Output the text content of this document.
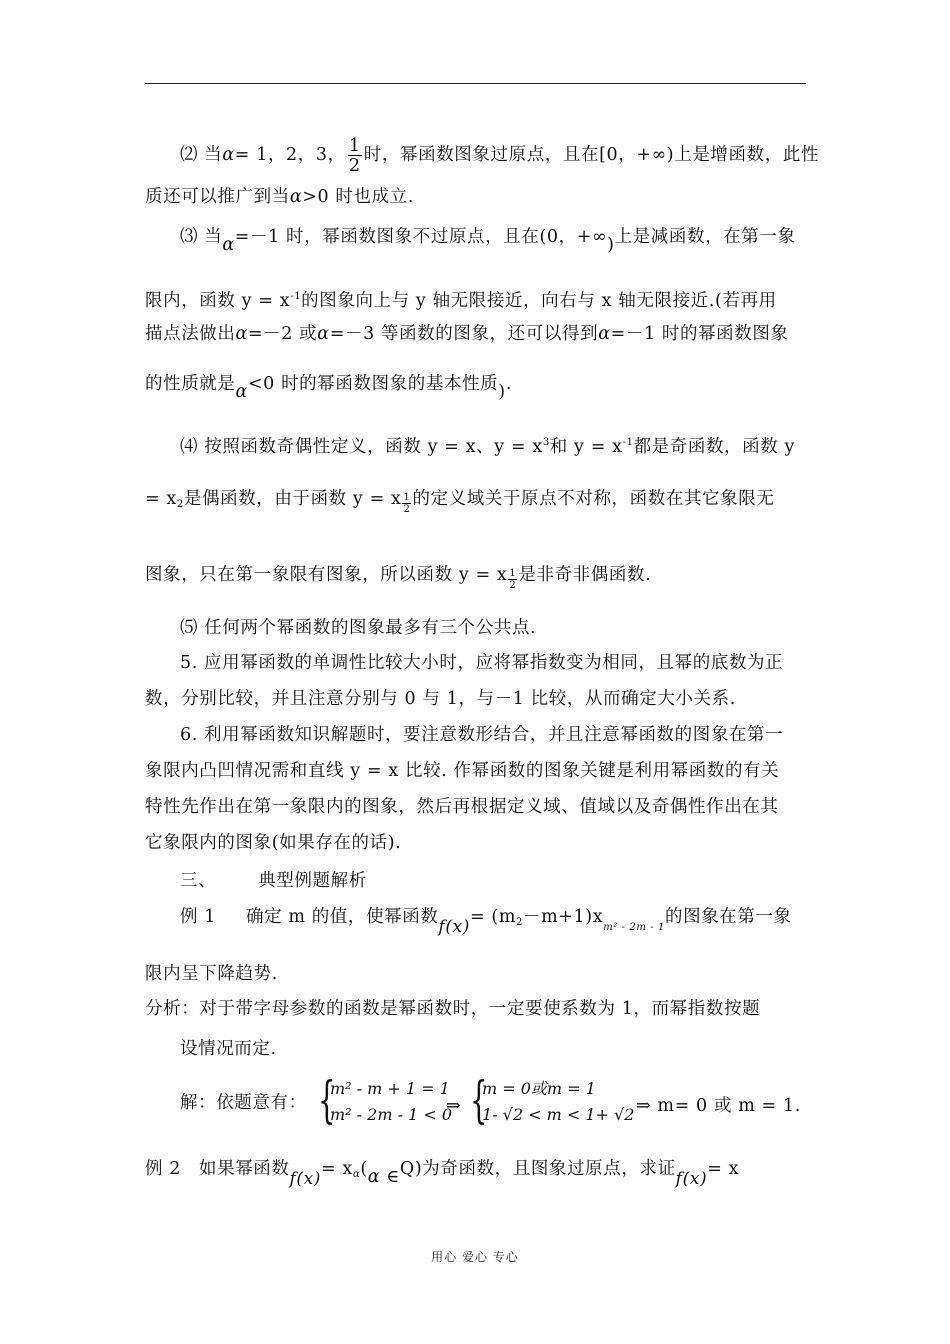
⑵ 当α= 1，2，3， $\frac{1}{2}$ 时，幂函数图象过原点，且在[0，+∞)上是增函数，此性
质还可以推广到当α>0 时也成立.
⑶ 当α=－1 时，幂函数图象不过原点，且在(0，+∞)上是减函数，在第一象
限内，函数 $y = x^{-1}$的图象向上与 y 轴无限接近，向右与 x 轴无限接近.(若再用
描点法做出α=－2 或α=－3 等函数的图象，还可以得到α=－1 时的幂函数图象
的性质就是α<0 时的幂函数图象的基本性质).
⑷ 按照函数奇偶性定义，函数 y = x、$y = x^3$和 $y = x^{-1}$都是奇函数，函数 y
= $x_2$是偶函数，由于函数 y = x $\frac{1}{2}$ 的定义域关于原点不对称，函数在其它象限无
图象，只在第一象限有图象，所以函数 y = x $\frac{1}{2}$ 是非奇非偶函数.
⑸ 任何两个幂函数的图象最多有三个公共点.
5. 应用幂函数的单调性比较大小时，应将幂指数变为相同，且幂的底数为正
数，分别比较，并且注意分别与 0 与 1，与－1 比较，从而确定大小关系.
6. 利用幂函数知识解题时，要注意数形结合，并且注意幂函数的图象在第一
象限内凸凹情况需和直线 y = x 比较. 作幂函数的图象关键是利用幂函数的有关
特性先作出在第一象限内的图象，然后再根据定义域、值域以及奇偶性作出在其
它象限内的图象(如果存在的话).
三、 典型例题解析
例 1 确定 m 的值，使幂函数$f(x)= (m_2-m+1)x_{m^2 - 2m - 1}$的图象在第一象
限内呈下降趋势.
分析：对于带字母参数的函数是幂函数时，一定要使系数为 1，而幂指数按题
设情况而定.
解：依题意有： {
m² - m + 1 = 1
m² - 2m - 1 < 0
⇒ {
m = 0或m = 1
1- √2 < m < 1+ √2 ⇒ m= 0 或 m = 1.
例 2 如果幂函数$f(x)= x_\alpha(\alpha$ ∈Q)为奇函数，且图象过原点，求证f(x)= x
用心 爱心 专心
